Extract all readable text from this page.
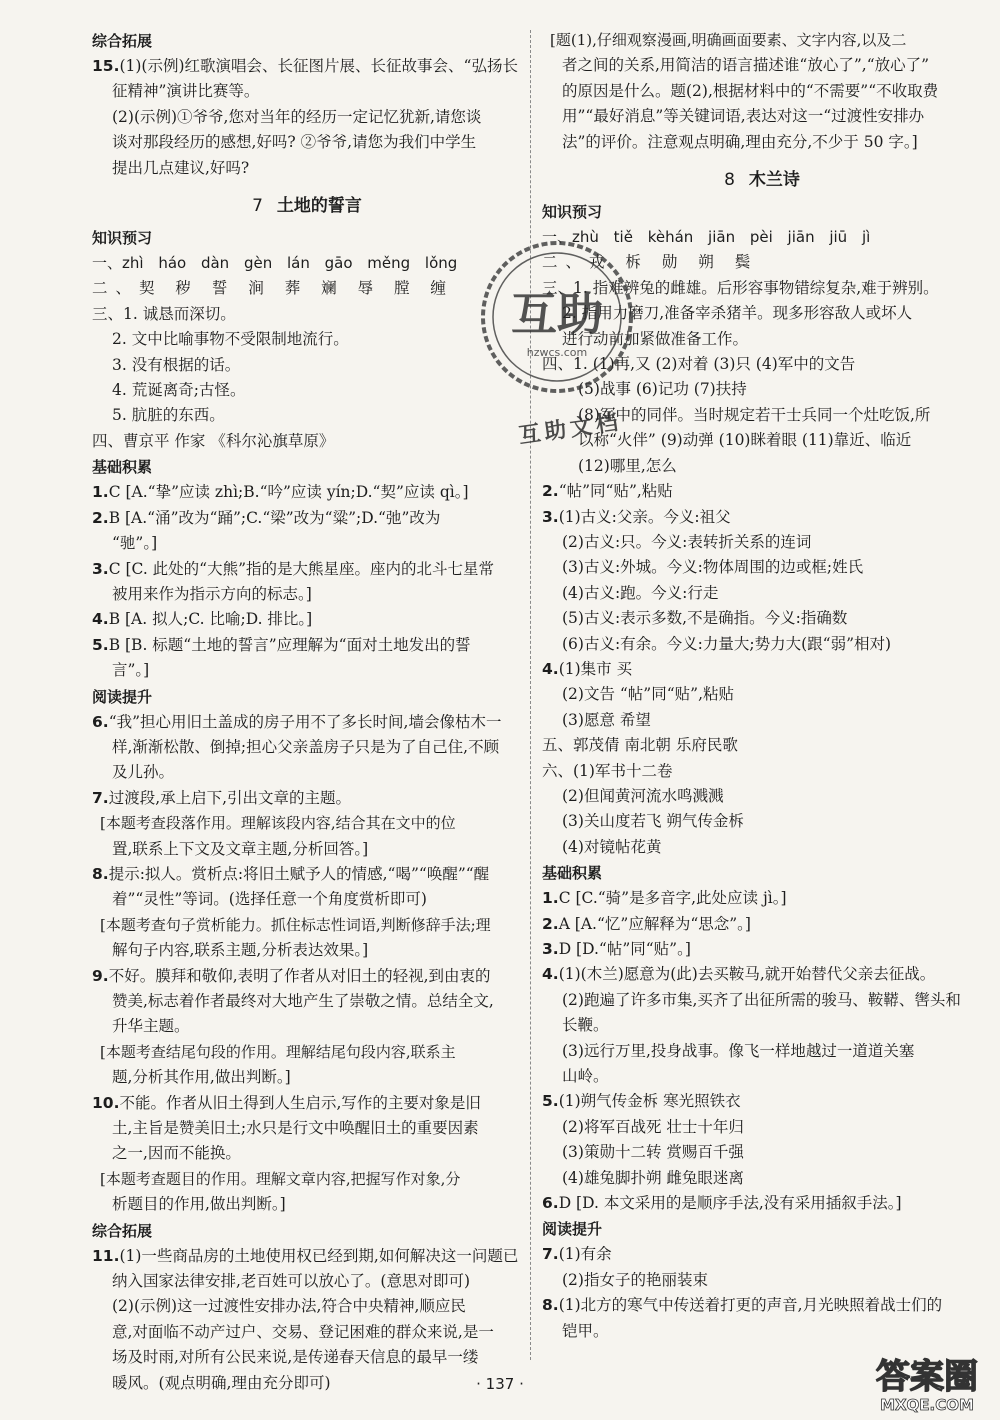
综合拓展
15.(1)(示例)红歌演唱会、长征图片展、长征故事会、“弘扬长
征精神”演讲比赛等。
(2)(示例)①爷爷,您对当年的经历一定记忆犹新,请您谈
谈对那段经历的感想,好吗? ②爷爷,请您为我们中学生
提出几点建议,好吗?
7 土地的誓言
知识预习
一、zhì háo dàn gèn lán gāo měng lǒng
二、契 秽 誓 涧 葬 斓 辱 膛 缠
三、1. 诚恳而深切。
2. 文中比喻事物不受限制地流行。
3. 没有根据的话。
4. 荒诞离奇;古怪。
5. 肮脏的东西。
四、曹京平 作家 《科尔沁旗草原》
基础积累
1.C [A.“挚”应读 zhì;B.“吟”应读 yín;D.“契”应读 qì。]
2.B [A.“涌”改为“踊”;C.“梁”改为“粱”;D.“弛”改为
“驰”。]
3.C [C. 此处的“大熊”指的是大熊星座。座内的北斗七星常
被用来作为指示方向的标志。]
4.B [A. 拟人;C. 比喻;D. 排比。]
5.B [B. 标题“土地的誓言”应理解为“面对土地发出的誓
言”。]
阅读提升
6.“我”担心用旧土盖成的房子用不了多长时间,墙会像枯木一
样,渐渐松散、倒掉;担心父亲盖房子只是为了自己住,不顾
及儿孙。
7.过渡段,承上启下,引出文章的主题。
[本题考查段落作用。理解该段内容,结合其在文中的位
置,联系上下文及文章主题,分析回答。]
8.提示:拟人。赏析点:将旧土赋予人的情感,“喝”“唤醒”“醒
着”“灵性”等词。(选择任意一个角度赏析即可)
[本题考查句子赏析能力。抓住标志性词语,判断修辞手法;理
解句子内容,联系主题,分析表达效果。]
9.不好。膜拜和敬仰,表明了作者从对旧土的轻视,到由衷的
赞美,标志着作者最终对大地产生了崇敬之情。总结全文,
升华主题。
[本题考查结尾句段的作用。理解结尾句段内容,联系主
题,分析其作用,做出判断。]
10.不能。作者从旧土得到人生启示,写作的主要对象是旧
土,主旨是赞美旧土;水只是行文中唤醒旧土的重要因素
之一,因而不能换。
[本题考查题目的作用。理解文章内容,把握写作对象,分
析题目的作用,做出判断。]
综合拓展
11.(1)一些商品房的土地使用权已经到期,如何解决这一问题已
纳入国家法律安排,老百姓可以放心了。(意思对即可)
(2)(示例)这一过渡性安排办法,符合中央精神,顺应民
意,对面临不动产过户、交易、登记困难的群众来说,是一
场及时雨,对所有公民来说,是传递春天信息的最早一缕
暖风。(观点明确,理由充分即可)
[题(1),仔细观察漫画,明确画面要素、文字内容,以及二
者之间的关系,用简洁的语言描述谁“放心了”,“放心了”
的原因是什么。题(2),根据材料中的“不需要”“不收取费
用”“最好消息”等关键词语,表达对这一“过渡性安排办
法”的评价。注意观点明确,理由充分,不少于 50 字。]
8 木兰诗
知识预习
一、zhù tiě kèhán jiān pèi jiān jiū jì
二、戎 柝 勋 朔 鬓
三、1. 指难辨兔的雌雄。后形容事物错综复杂,难于辨别。
2. 指用力磨刀,准备宰杀猪羊。现多形容敌人或坏人
进行动前加紧做准备工作。
四、1. (1)再,又 (2)对着 (3)只 (4)军中的文告
(5)战事 (6)记功 (7)扶持
(8)军中的同伴。当时规定若干士兵同一个灶吃饭,所
以称“火伴” (9)动弹 (10)眯着眼 (11)靠近、临近
(12)哪里,怎么
2.“帖”同“贴”,粘贴
3.(1)古义:父亲。今义:祖父
(2)古义:只。今义:表转折关系的连词
(3)古义:外城。今义:物体周围的边或框;姓氏
(4)古义:跑。今义:行走
(5)古义:表示多数,不是确指。今义:指确数
(6)古义:有余。今义:力量大;势力大(跟“弱”相对)
4.(1)集市 买
(2)文告 “帖”同“贴”,粘贴
(3)愿意 希望
五、郭茂倩 南北朝 乐府民歌
六、(1)军书十二卷
(2)但闻黄河流水鸣溅溅
(3)关山度若飞 朔气传金柝
(4)对镜帖花黄
基础积累
1.C [C.“骑”是多音字,此处应读 jì。]
2.A [A.“忆”应解释为“思念”。]
3.D [D.“帖”同“贴”。]
4.(1)(木兰)愿意为(此)去买鞍马,就开始替代父亲去征战。
(2)跑遍了许多市集,买齐了出征所需的骏马、鞍鞯、辔头和
长鞭。
(3)远行万里,投身战事。像飞一样地越过一道道关塞
山岭。
5.(1)朔气传金柝 寒光照铁衣
(2)将军百战死 壮士十年归
(3)策勋十二转 赏赐百千强
(4)雄兔脚扑朔 雌兔眼迷离
6.D [D. 本文采用的是顺序手法,没有采用插叙手法。]
阅读提升
7.(1)有余
(2)指女子的艳丽装束
8.(1)北方的寒气中传送着打更的声音,月光映照着战士们的
铠甲。
互助
hzwcs.com
互助文档
· 137 ·	答案圈
MXQE.COM
